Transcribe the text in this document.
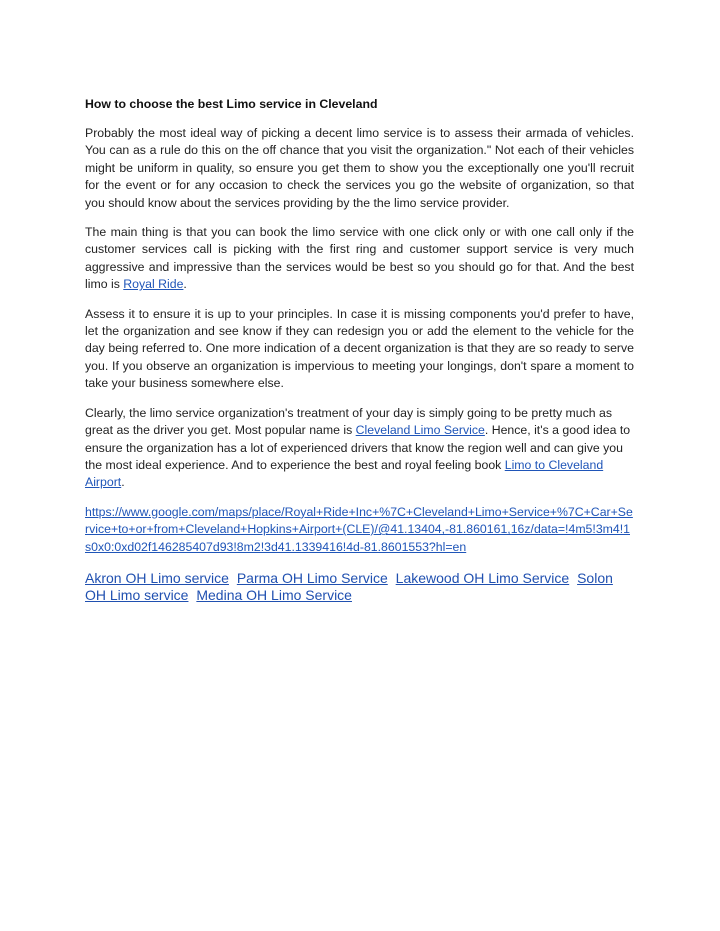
How to choose the best Limo service in Cleveland

Probably the most ideal way of picking a decent limo service is to assess their armada of vehicles. You can as a rule do this on the off chance that you visit the organization." Not each of their vehicles might be uniform in quality, so ensure you get them to show you the exceptionally one you'll recruit for the event or for any occasion to check the services you go the website of organization, so that you should know about the services providing by the the limo service provider.

The main thing is that you can book the limo service with one click only or with one call only if the customer services call is picking with the first ring and customer support service is very much aggressive and impressive than the services would be best so you should go for that. And the best limo is Royal Ride.

Assess it to ensure it is up to your principles. In case it is missing components you'd prefer to have, let the organization and see know if they can redesign you or add the element to the vehicle for the day being referred to. One more indication of a decent organization is that they are so ready to serve you. If you observe an organization is impervious to meeting your longings, don't spare a moment to take your business somewhere else.

Clearly, the limo service organization's treatment of your day is simply going to be pretty much as great as the driver you get. Most popular name is Cleveland Limo Service. Hence, it's a good idea to ensure the organization has a lot of experienced drivers that know the region well and can give you the most ideal experience. And to experience the best and royal feeling book Limo to Cleveland Airport.

https://www.google.com/maps/place/Royal+Ride+Inc+%7C+Cleveland+Limo+Service+%7C+Car+Service+to+or+from+Cleveland+Hopkins+Airport+(CLE)/@41.13404,-81.860161,16z/data=!4m5!3m4!1s0x0:0xd02f146285407d93!8m2!3d41.1339416!4d-81.8601553?hl=en

Akron OH Limo service Parma OH Limo Service Lakewood OH Limo Service Solon OH Limo service Medina OH Limo Service
